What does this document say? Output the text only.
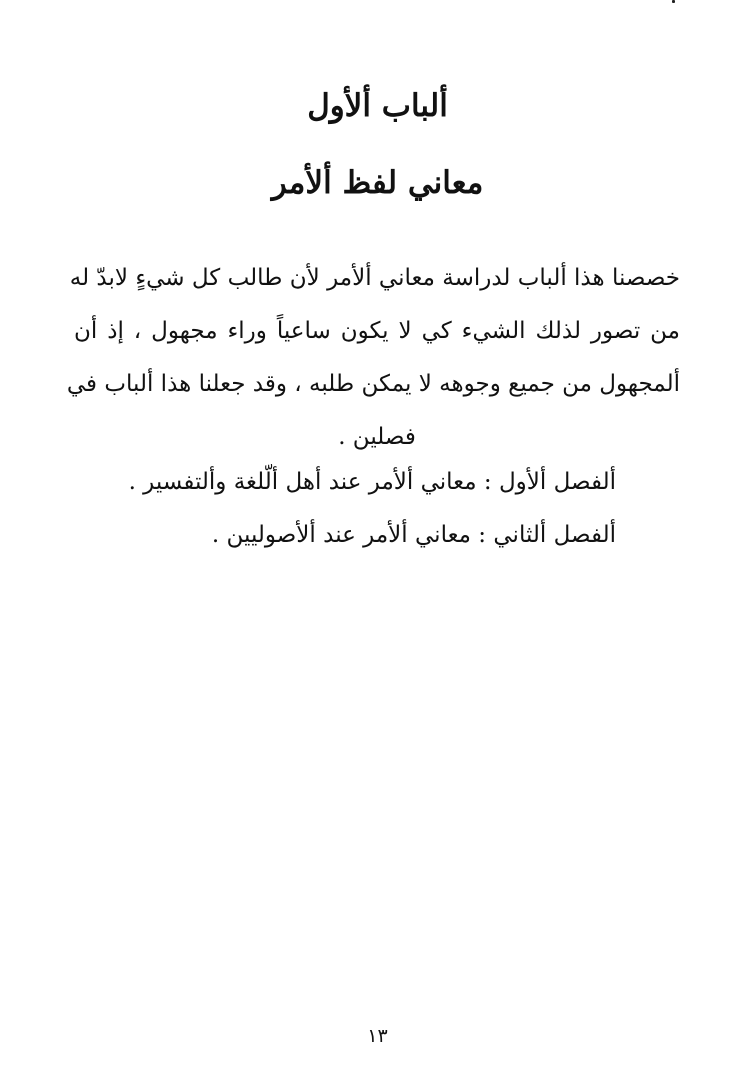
ألباب ألأول
معاني لفظ ألأمر
خصصنا هذا ألباب لدراسة معاني ألأمر لأن طالب كل شيءٍ لابدّ له
من تصور لذلك الشيء كي لا يكون ساعياً وراء مجهول ، إذ أن
ألمجهول من جميع وجوهه لا يمكن طلبه ، وقد جعلنا هذا ألباب في
فصلين .
ألفصل ألأول : معاني ألأمر عند أهل ألّلغة وألتفسير .
ألفصل ألثاني : معاني ألأمر عند ألأصوليين .
١٣
